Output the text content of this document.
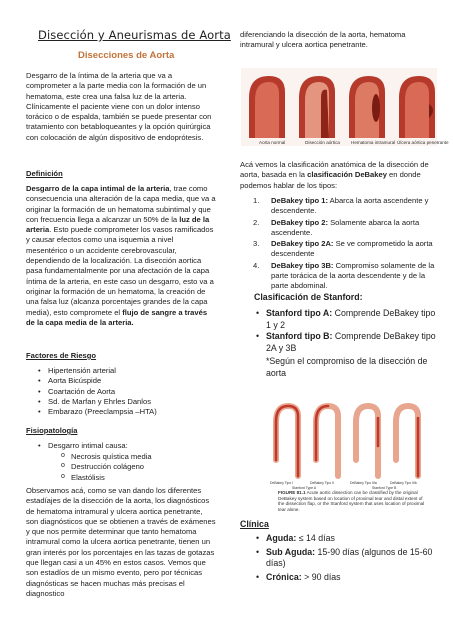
Disección y Aneurismas de Aorta
Disecciones de Aorta

Desgarro de la íntima de la arteria que va a comprometer a la parte media con la formación de un hematoma, este crea una falsa luz de la arteria. Clínicamente el paciente viene con un dolor intenso torácico o de espalda, también se puede presentar con tratamiento con betabloqueantes y la opción quirúrgica con colocación de algún dispositivo de endoprótesis.

Definición

Desgarro de la capa intimal de la arteria, trae como consecuencia una alteración de la capa media, que va a originar la formación de un hematoma subintimal y que con frecuencia llega a alcanzar un 50% de la luz de la arteria. Esto puede comprometer los vasos ramificados y causar efectos como una isquemia a nivel mesentérico o un accidente cerebrovascular, dependiendo de la localización. La disección aortica pasa fundamentalmente por una afectación de la capa íntima de la arteria, en este caso un desgarro, esto va a originar la formación de un hematoma, la creación de una falsa luz (alcanza porcentajes grandes de la capa media), esto compromete el flujo de sangre a través de la capa media de la arteria.

Factores de Riesgo
• Hipertensión arterial
• Aorta Bicúspide
• Coartación de Aorta
• Sd. de Marfan y Ehrles Danlos
• Embarazo (Preeclampsia –HTA)
Fisiopatología
• Desgarro intimal causa:
o Necrosis quística media
o Destrucción colágeno
o Elastólisis

Observamos acá, como se van dando los diferentes estadíajes de la disección de la aorta, los diagnósticos de hematoma intramural y ulcera aortica penetrante, son diagnósticos que se obtienen a través de exámenes y que nos permite determinar que tanto hematoma intramural como la ulcera aortica penetrante, tienen un gran interés por los porcentajes en las tazas de gotazas que llegan casi a un 45% en estos casos. Vemos que son estadíos de un mismo evento, pero por técnicas diagnósticas se hacen muchas más precisas el diagnostico

diferenciando la disección de la aorta, hematoma intramural y ulcera aortica penetrante.

Aorta normal	Disección aórtica Hematoma intramural Úlcera aórtica penetrante

Acá vemos la clasificación anatómica de la disección de aorta, basada en la clasificación DeBakey en donde podemos hablar de los tipos:

1. DeBakey tipo 1: Abarca la aorta ascendente y descendente.
2. DeBakey tipo 2: Solamente abarca la aorta ascendente.
3. DeBakey tipo 2A: Se ve comprometido la aorta descendente
4. DeBakey tipo 3B: Compromiso solamente de la parte torácica de la aorta descendente y de la parte abdominal.
Clasificación de Stanford:
• Stanford tipo A: Comprende DeBakey tipo 1 y 2
• Stanford tipo B: Comprende DeBakey tipo 2A y 3B
*Según el compromiso de la disección de aorta
DeBakey Tipo I	DeBakey Tipo II	DeBakey Tipo IIIa	DeBakey Tipo IIIb
Stanford Type A	Stanford Type B

FIGURE 81.1 Acute aortic dissection can be classified by the original DeBakey system based on location of proximal tear and distal extent of the dissection flap, or the Stanford system that uses location of proximal tear alone.

Clínica
• Aguda: ≤ 14 días
• Sub Aguda: 15-90 días (algunos de 15-60 días)
• Crónica: > 90 días
